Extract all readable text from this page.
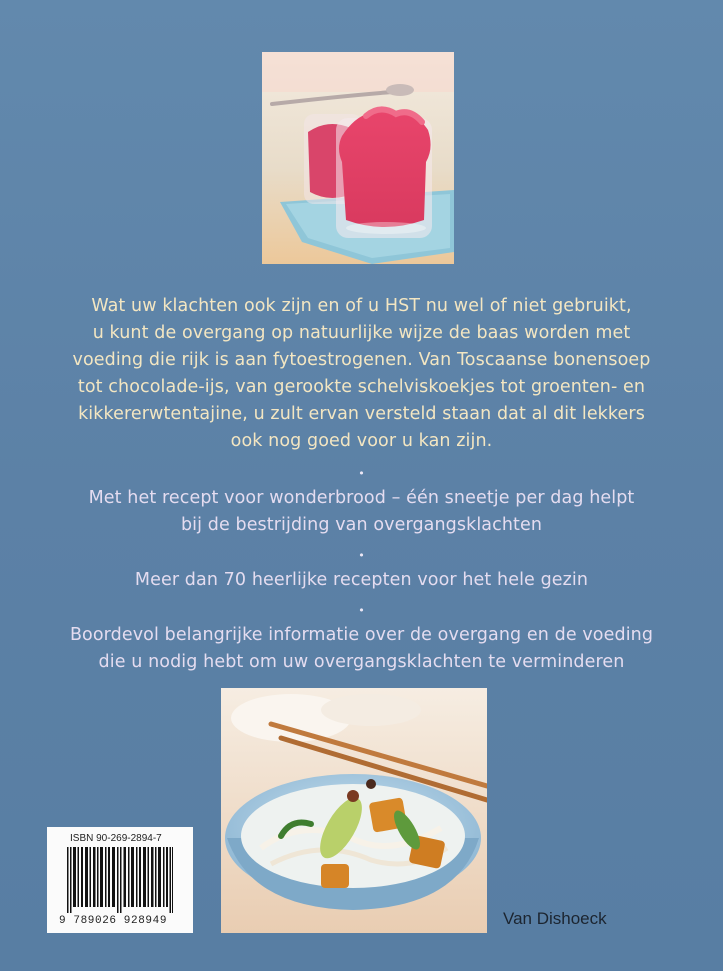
Wat uw klachten ook zijn en of u HST nu wel of niet gebruikt,
u kunt de overgang op natuurlijke wijze de baas worden met
voeding die rijk is aan fytoestrogenen. Van Toscaanse bonensoep
tot chocolade-ijs, van gerookte schelviskoekjes tot groenten- en
kikkererwtentajine, u zult ervan versteld staan dat al dit lekkers
ook nog goed voor u kan zijn.

•

Met het recept voor wonderbrood – één sneetje per dag helpt
bij de bestrijding van overgangsklachten

•

Meer dan 70 heerlijke recepten voor het hele gezin

•

Boordevol belangrijke informatie over de overgang en de voeding
die u nodig hebt om uw overgangsklachten te verminderen

ISBN 90-269-2894-7
9 789026 928949	Van Dishoeck
